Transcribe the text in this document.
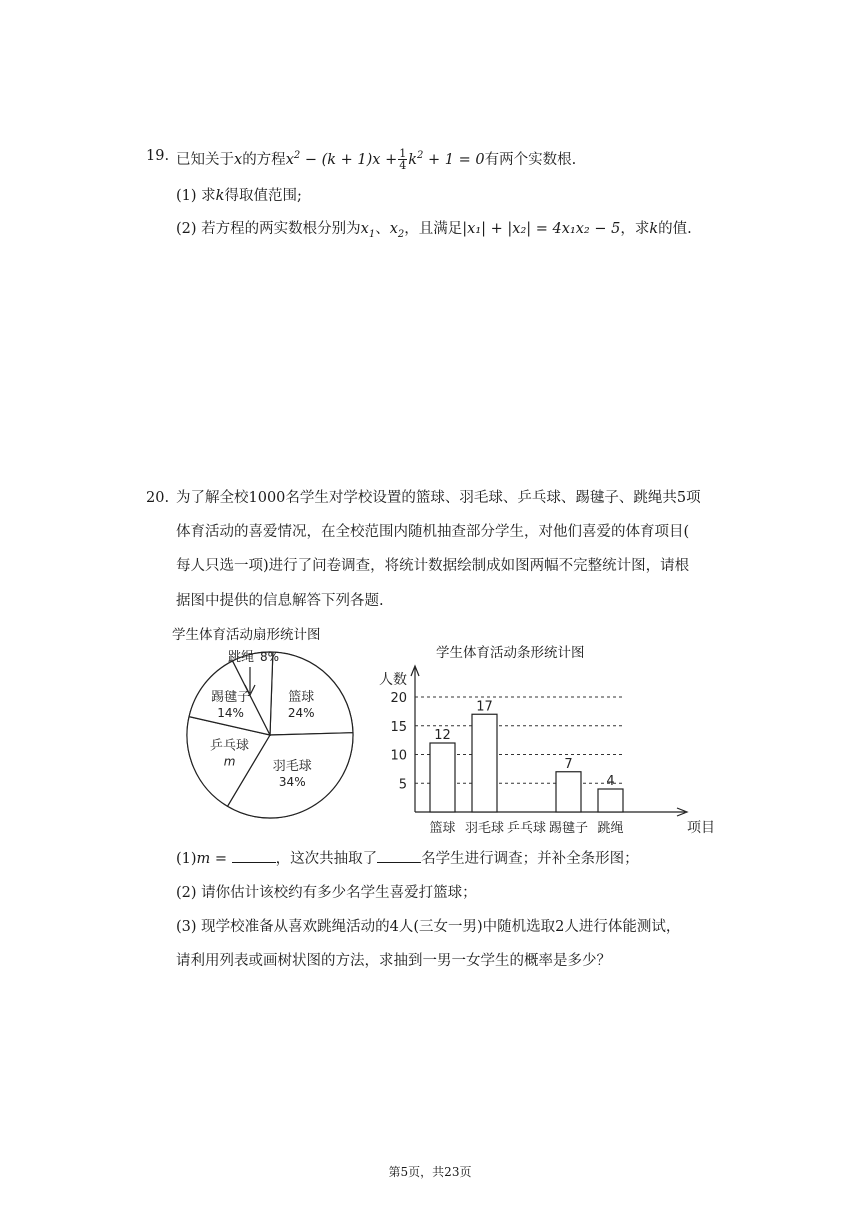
19. 已知关于x的方程$x^2 - (k + 1)x + \frac{1}{4} k^2 + 1 = 0$有两个实数根.
(1) 求k得取值范围;
(2) 若方程的两实数根分别为$x_1$、$x_2$，且满足|x₁| + |x₂| = 4x₁x₂ − 5，求k的值.
20. 为了解全校1000名学生对学校设置的篮球、羽毛球、乒乓球、踢毽子、跳绳共5项
体育活动的喜爱情况，在全校范围内随机抽查部分学生，对他们喜爱的体育项目(
每人只选一项)进行了问卷调查，将统计数据绘制成如图两幅不完整统计图，请根
据图中提供的信息解答下列各题.
学生体育活动扇形统计图
篮球
24%
羽毛球
34%
乒乓球
m
踢毽子
14%
跳绳 8%	学生体育活动条形统计图
人数
项目
5
10
15
20
12
篮球
17
羽毛球 乒乓球
7
踢毽子
4
跳绳
(1)m =	，这次共抽取了	名学生进行调查；并补全条形图；
(2) 请你估计该校约有多少名学生喜爱打篮球；
(3) 现学校准备从喜欢跳绳活动的4人(三女一男)中随机选取2人进行体能测试，
请利用列表或画树状图的方法，求抽到一男一女学生的概率是多少？
第5页，共23页
